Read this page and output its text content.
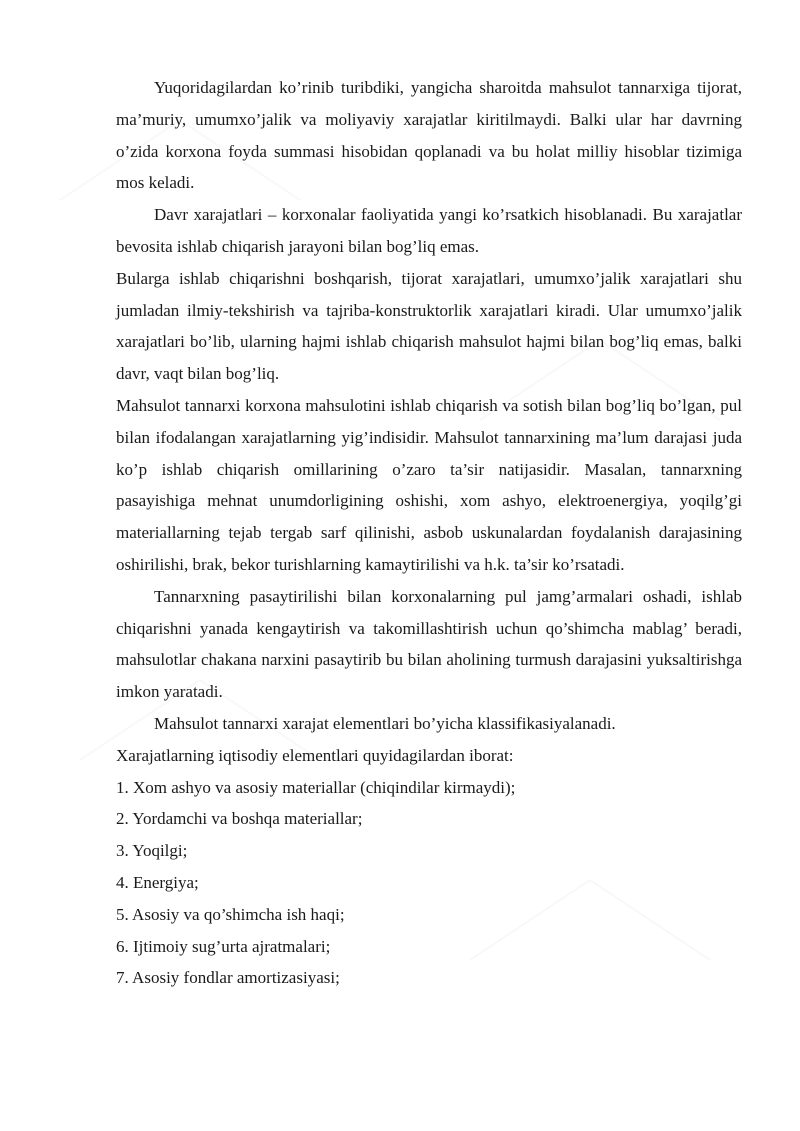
Yuqoridagilardan ko’rinib turibdiki, yangicha sharoitda mahsulot tannarxiga tijorat, ma’muriy, umumxo’jalik va moliyaviy xarajatlar kiritilmaydi. Balki ular har davrning o’zida korxona foyda summasi hisobidan qoplanadi va bu holat milliy hisoblar tizimiga mos keladi.

Davr xarajatlari – korxonalar faoliyatida yangi ko’rsatkich hisoblanadi. Bu xarajatlar bevosita ishlab chiqarish jarayoni bilan bog’liq emas.

Bularga ishlab chiqarishni boshqarish, tijorat xarajatlari, umumxo’jalik xarajatlari shu jumladan ilmiy-tekshirish va tajriba-konstruktorlik xarajatlari kiradi. Ular umumxo’jalik xarajatlari bo’lib, ularning hajmi ishlab chiqarish mahsulot hajmi bilan bog’liq emas, balki davr, vaqt bilan bog’liq.

Mahsulot tannarxi korxona mahsulotini ishlab chiqarish va sotish bilan bog’liq bo’lgan, pul bilan ifodalangan xarajatlarning yig’indisidir. Mahsulot tannarxining ma’lum darajasi juda ko’p ishlab chiqarish omillarining o’zaro ta’sir natijasidir. Masalan, tannarxning pasayishiga mehnat unumdorligining oshishi, xom ashyo, elektroenergiya, yoqilg’gi materiallarning tejab tergab sarf qilinishi, asbob uskunalardan foydalanish darajasining oshirilishi, brak, bekor turishlarning kamaytirilishi va h.k. ta’sir ko’rsatadi.

Tannarxning pasaytirilishi bilan korxonalarning pul jamg’armalari oshadi, ishlab chiqarishni yanada kengaytirish va takomillashtirish uchun qo’shimcha mablag’ beradi, mahsulotlar chakana narxini pasaytirib bu bilan aholining turmush darajasini yuksaltirishga imkon yaratadi.

Mahsulot tannarxi xarajat elementlari bo’yicha klassifikasiyalanadi.

Xarajatlarning iqtisodiy elementlari quyidagilardan iborat:

1. Xom ashyo va asosiy materiallar (chiqindilar kirmaydi);

2. Yordamchi va boshqa materiallar;

3. Yoqilgi;

4. Energiya;

5. Asosiy va qo’shimcha ish haqi;

6. Ijtimoiy sug’urta ajratmalari;

7. Asosiy fondlar amortizasiyasi;
